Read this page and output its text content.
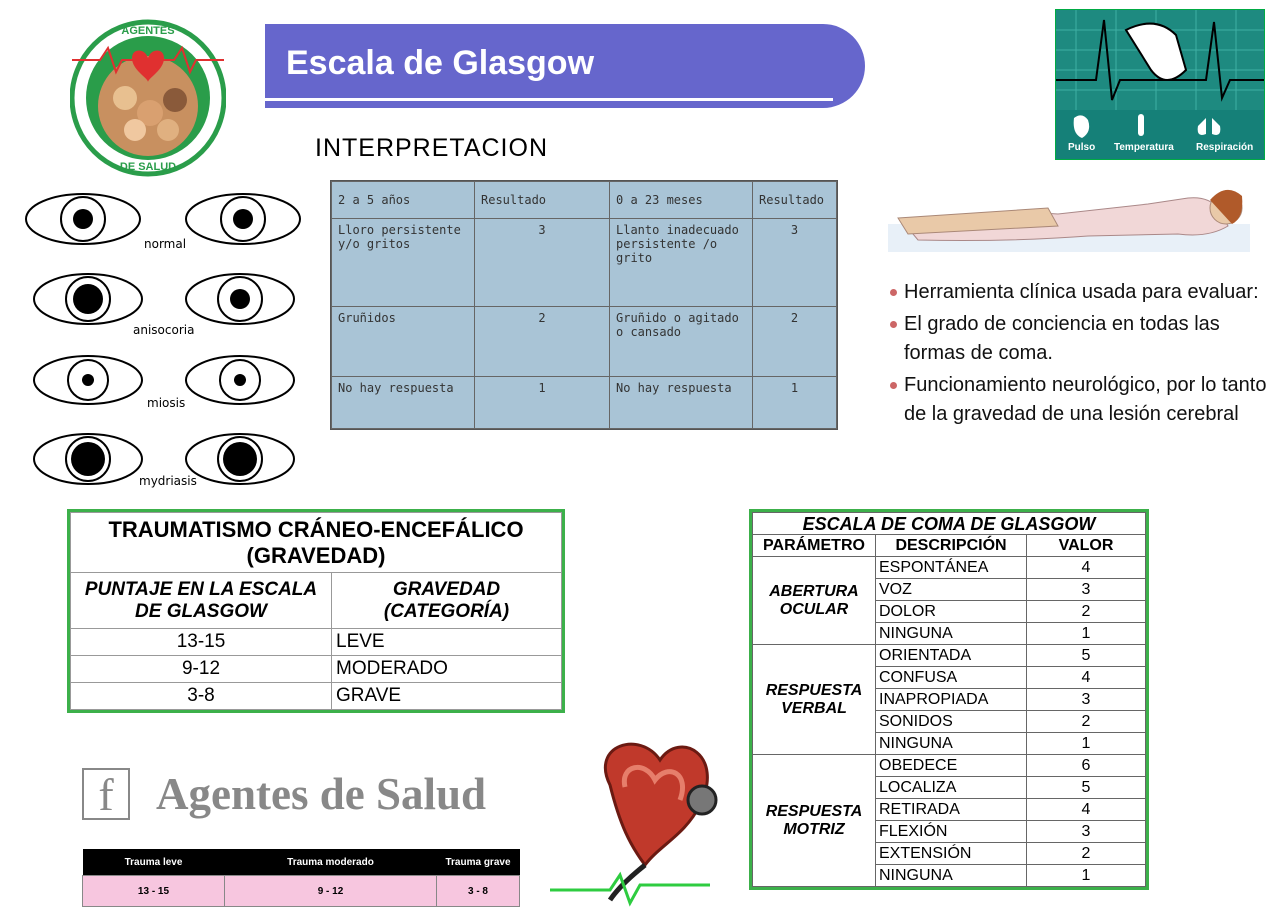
AGENTES
DE SALUD
Escala de Glasgow
INTERPRETACION	Pulso Temperatura Respiración
normal
anisocoria
miosis
mydriasis
2 a 5 años	Resultado	0 a 23 meses	Resultado
Lloro persistente y/o gritos	3	Llanto inadecuado persistente /o grito	3
Gruñidos	2	Gruñido o agitado o cansado	2
No hay respuesta	1	No hay respuesta	1
Herramienta clínica usada para evaluar:
El grado de conciencia en todas las formas de coma.
Funcionamiento neurológico, por lo tanto de la gravedad de una lesión cerebral
TRAUMATISMO CRÁNEO-ENCEFÁLICO
(GRAVEDAD)	

PUNTAJE EN LA ESCALA DE GLASGOW	GRAVEDAD (CATEGORÍA)
13-15	LEVE
9-12	MODERADO
3-8	GRAVE
ESCALA DE COMA DE GLASGOW		
PARÁMETRO	DESCRIPCIÓN	VALOR

ABERTURA
OCULAR	ESPONTÁNEA	4
	VOZ	3
	DOLOR	2
	NINGUNA	1

RESPUESTA
VERBAL	ORIENTADA	5
	CONFUSA	4
	INAPROPIADA	3
	SONIDOS	2
	NINGUNA	1

RESPUESTA
MOTRIZ	OBEDECE	6
	LOCALIZA	5
	RETIRADA	4
	FLEXIÓN	3
	EXTENSIÓN	2
	NINGUNA	1
f Agentes de Salud
Trauma leve	Trauma moderado	Trauma grave
13 - 15	9 - 12	3 - 8
